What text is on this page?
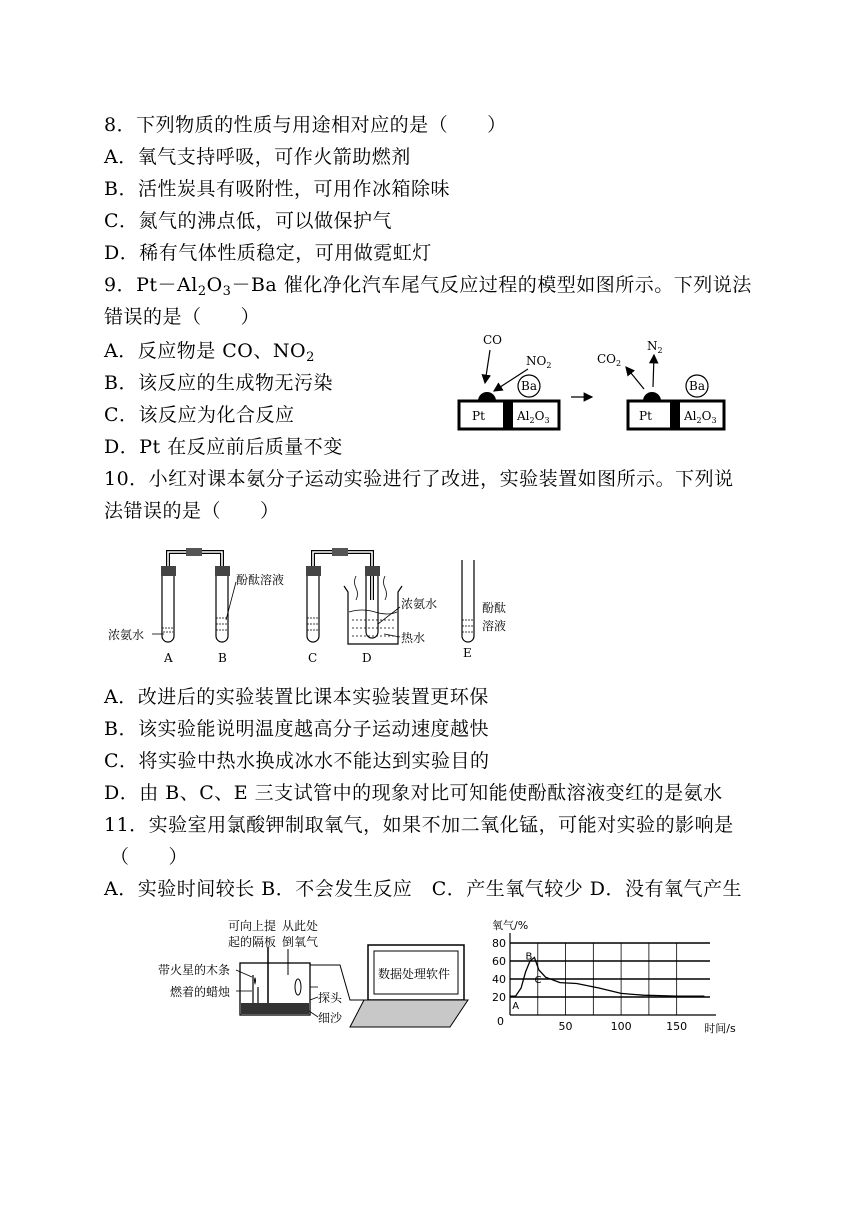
8．下列物质的性质与用途相对应的是（　　）
A．氧气支持呼吸，可作火箭助燃剂
B．活性炭具有吸附性，可用作冰箱除味
C．氮气的沸点低，可以做保护气
D．稀有气体性质稳定，可用做霓虹灯
9．$Pt-Al_2O_3-Ba$ 催化净化汽车尾气反应过程的模型如图所示。下列说法
错误的是（　　）
A．反应物是 CO、$NO_2$
B．该反应的生成物无污染
C．该反应为化合反应
D．Pt 在反应前后质量不变
CO
$NO_2$
Ba
Pt	$Al_2O_3$
$CO_2$
$N_2$
Ba
Pt	$Al_2O_3$
10．小红对课本氨分子运动实验进行了改进，实验装置如图所示。下列说
法错误的是（　　）
浓氨水
酚酞溶液
浓氨水
热水
酚酞
溶液
A	B	C	D	E
A．改进后的实验装置比课本实验装置更环保
B．该实验能说明温度越高分子运动速度越快
C．将实验中热水换成冰水不能达到实验目的
D．由 B、C、E 三支试管中的现象对比可知能使酚酞溶液变红的是氨水
11．实验室用氯酸钾制取氧气，如果不加二氧化锰，可能对实验的影响是
（　　）
A．实验时间较长 B．不会发生反应　C．产生氧气较少 D．没有氧气产生
可向上提
起的隔板
从此处
倒氧气
带火星的木条
燃着的蜡烛	探头
细沙
数据处理软件
20
40
60
80
50	100	150
0
氧气/%
时间/s
A
B
C
